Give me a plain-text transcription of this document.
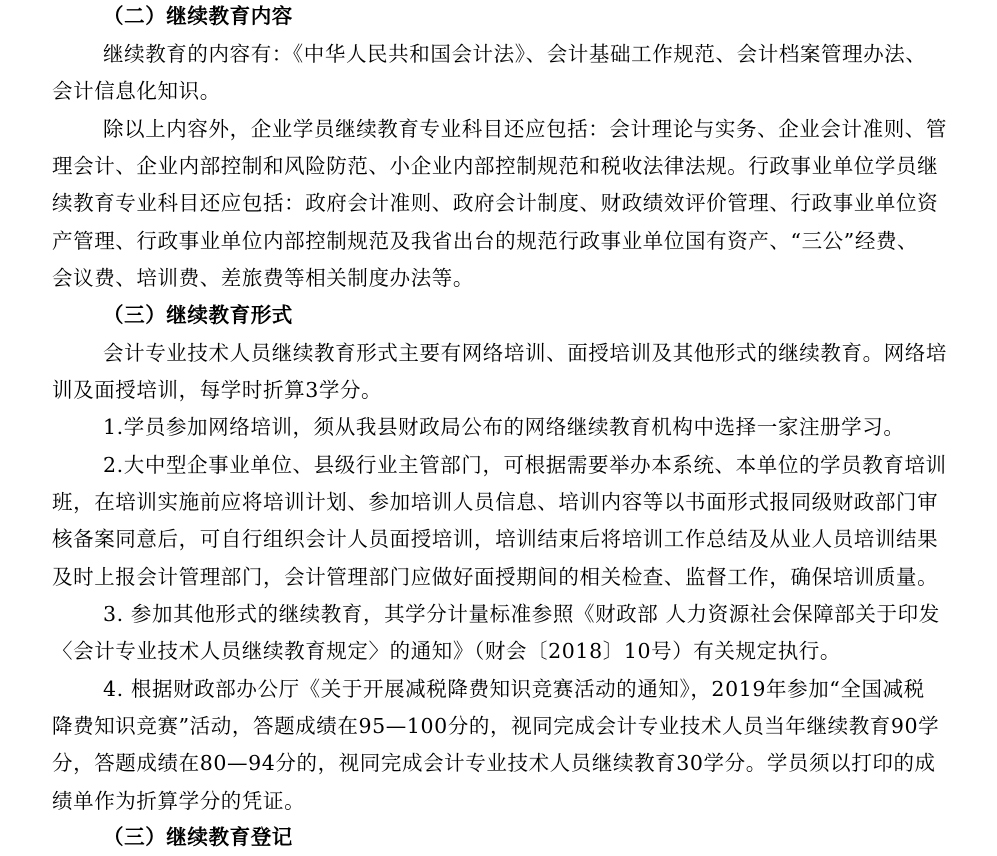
（二）继续教育内容
继续教育的内容有：《中华人民共和国会计法》、会计基础工作规范、会计档案管理办法、
会计信息化知识。
除以上内容外，企业学员继续教育专业科目还应包括：会计理论与实务、企业会计准则、管
理会计、企业内部控制和风险防范、小企业内部控制规范和税收法律法规。行政事业单位学员继
续教育专业科目还应包括：政府会计准则、政府会计制度、财政绩效评价管理、行政事业单位资
产管理、行政事业单位内部控制规范及我省出台的规范行政事业单位国有资产、“三公”经费、
会议费、培训费、差旅费等相关制度办法等。
（三）继续教育形式
会计专业技术人员继续教育形式主要有网络培训、面授培训及其他形式的继续教育。网络培
训及面授培训，每学时折算3学分。
1.学员参加网络培训，须从我县财政局公布的网络继续教育机构中选择一家注册学习。
2.大中型企事业单位、县级行业主管部门，可根据需要举办本系统、本单位的学员教育培训
班，在培训实施前应将培训计划、参加培训人员信息、培训内容等以书面形式报同级财政部门审
核备案同意后，可自行组织会计人员面授培训，培训结束后将培训工作总结及从业人员培训结果
及时上报会计管理部门，会计管理部门应做好面授期间的相关检查、监督工作，确保培训质量。
3. 参加其他形式的继续教育，其学分计量标准参照《财政部 人力资源社会保障部关于印发
〈会计专业技术人员继续教育规定〉的通知》（财会〔2018〕10号）有关规定执行。
4. 根据财政部办公厅《关于开展减税降费知识竞赛活动的通知》，2019年参加“全国减税
降费知识竞赛”活动，答题成绩在95—100分的，视同完成会计专业技术人员当年继续教育90学
分，答题成绩在80—94分的，视同完成会计专业技术人员继续教育30学分。学员须以打印的成
绩单作为折算学分的凭证。
（三）继续教育登记
